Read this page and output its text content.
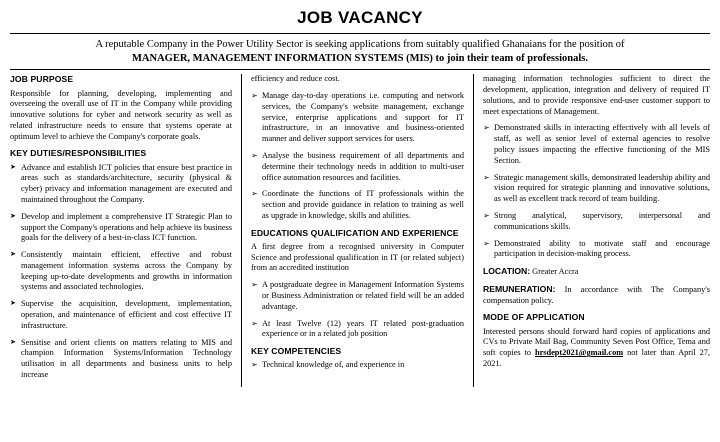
JOB VACANCY
A reputable Company in the Power Utility Sector is seeking applications from suitably qualified Ghanaians for the position of
MANAGER, MANAGEMENT INFORMATION SYSTEMS (MIS) to join their team of professionals.
JOB PURPOSE

Responsible for planning, developing, implementing and overseeing the overall use of IT in the Company while providing innovative solutions for cyber and network security as well as related infrastructure needs to ensure that systems operate at optimum level to achieve the Company's corporate goals.

KEY DUTIES/RESPONSIBILITIES
➤ Advance and establish ICT policies that ensure best practice in areas such as standards/architecture, security (physical & cyber) privacy and information management are executed and maintained throughout the Company.
➤ Develop and implement a comprehensive IT Strategic Plan to support the Company's operations and help achieve its business goals for the delivery of a best-in-class ICT function.
➤ Consistently maintain efficient, effective and robust management information systems across the Company by keeping up-to-date developments and growths in information systems and associated technologies.
➤ Supervise the acquisition, development, implementation, operation, and maintenance of efficient and cost effective IT infrastructure.
➤ Sensitise and orient clients on matters relating to MIS and champion Information Systems/Information Technology utilisation in all departments and business units to help increase

efficiency and reduce cost.

➢ Manage day-to-day operations i.e. computing and network services, the Company's website management, exchange service, enterprise applications and support for IT infrastructure, in an innovative and business-oriented manner and deliver support services for users.
➢ Analyse the business requirement of all departments and determine their technology needs in addition to multi-user office automation resources and facilities.
➢ Coordinate the functions of IT professionals within the section and provide guidance in relation to training as well as upgrade in knowledge, skills and abilities.
EDUCATIONS QUALIFICATION AND EXPERIENCE

A first degree from a recognised university in Computer Science and professional qualification in IT (or related subject) from an accredited institution

➢ A postgraduate degree in Management Information Systems or Business Administration or related field will be an added advantage.
➢ At least Twelve (12) years IT related post-graduation experience or in a related job position
KEY COMPETENCIES
➢ Technical knowledge of, and experience in

managing information technologies sufficient to direct the development, application, integration and delivery of required IT solutions, and to provide responsive end-user customer support to meet expectations of Management.

➢ Demonstrated skills in interacting effectively with all levels of staff, as well as senior level of external agencies to resolve policy issues impacting the effective functioning of the MIS Section.
➢ Strategic management skills, demonstrated leadership ability and vision required for strategic planning and innovative solutions, as well as excellent track record of team building.
➢ Strong analytical, supervisory, interpersonal and communications skills.
➢ Demonstrated ability to motivate staff and encourage participation in decision-making process.

LOCATION: Greater Accra

REMUNERATION: In accordance with The Company's compensation policy.

MODE OF APPLICATION

Interested persons should forward hard copies of applications and CVs to Private Mail Bag, Community Seven Post Office, Tema and soft copies to hrsdept2021@gmail.com not later than April 27, 2021.
